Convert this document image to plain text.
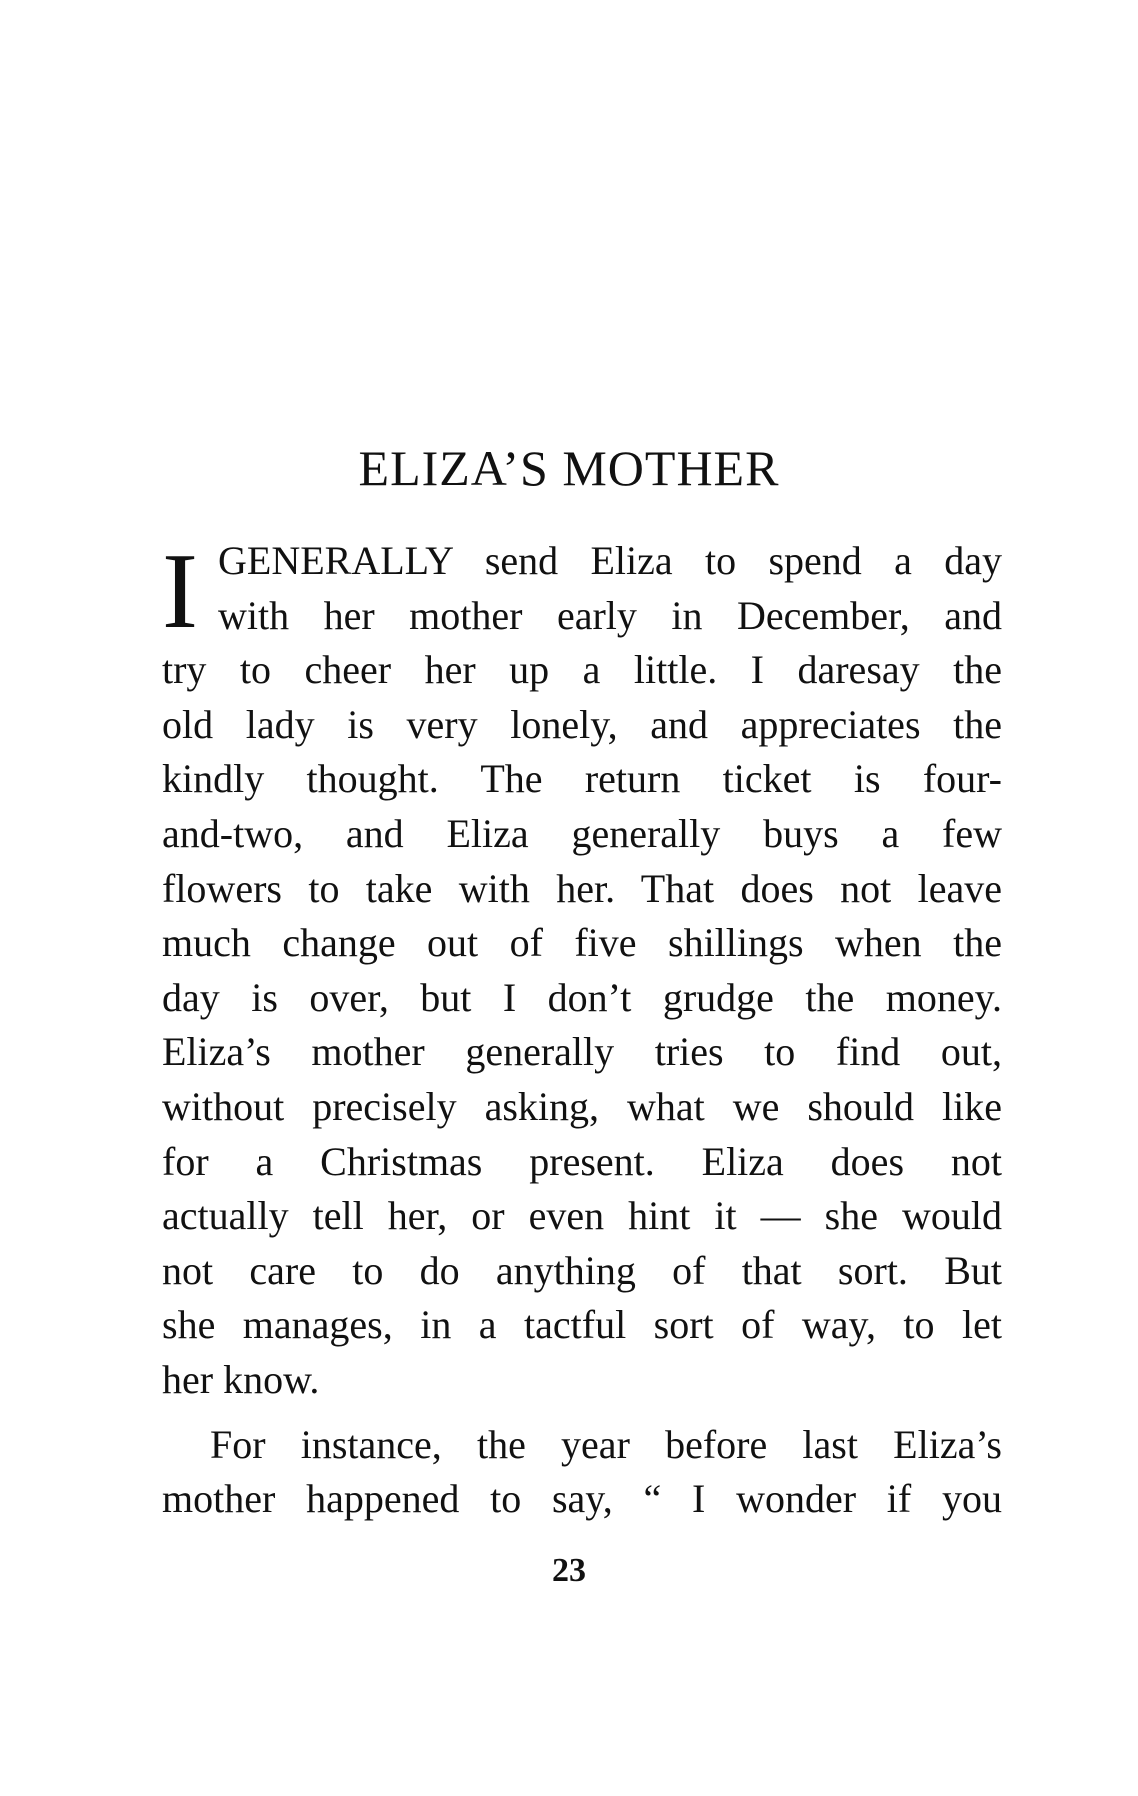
ELIZA’S MOTHER
I GENERALLY send Eliza to spend a day
with her mother early in December, and
try to cheer her up a little. I daresay the
old lady is very lonely, and appreciates the
kindly thought. The return ticket is four-
and-two, and Eliza generally buys a few
flowers to take with her. That does not leave
much change out of five shillings when the
day is over, but I don’t grudge the money.
Eliza’s mother generally tries to find out,
without precisely asking, what we should like
for a Christmas present. Eliza does not
actually tell her, or even hint it — she would
not care to do anything of that sort. But
she manages, in a tactful sort of way, to let
her know.
For instance, the year before last Eliza’s
mother happened to say, “ I wonder if you
23
